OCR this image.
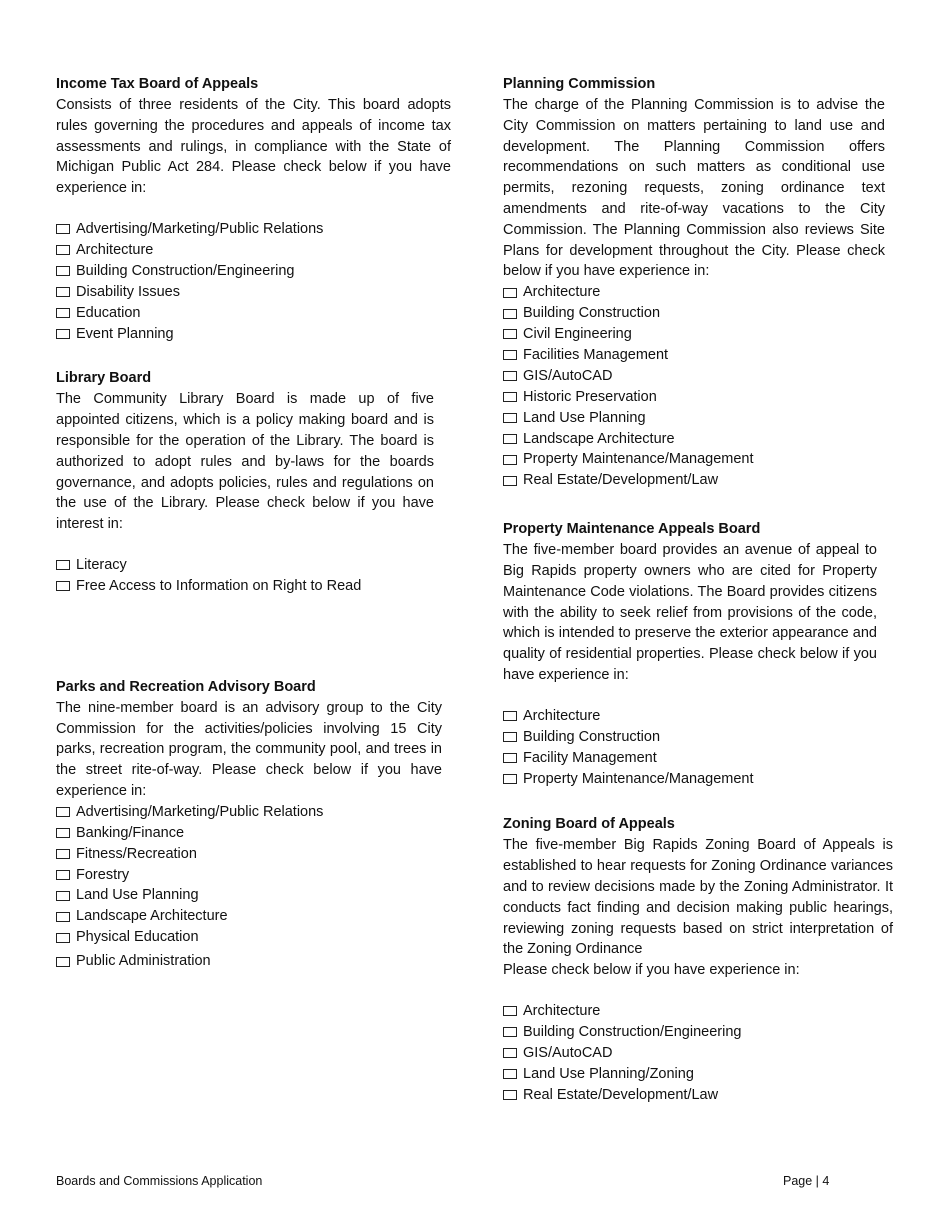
Income Tax Board of Appeals

Consists of three residents of the City. This board adopts rules governing the procedures and appeals of income tax assessments and rulings, in compliance with the State of Michigan Public Act 284. Please check below if you have experience in:

Advertising/Marketing/Public Relations
Architecture
Building Construction/Engineering
Disability Issues
Education
Event Planning

Library Board

The Community Library Board is made up of five appointed citizens, which is a policy making board and is responsible for the operation of the Library. The board is authorized to adopt rules and by-laws for the boards governance, and adopts policies, rules and regulations on the use of the Library. Please check below if you have interest in:

Literacy
Free Access to Information on Right to Read

Parks and Recreation Advisory Board

The nine-member board is an advisory group to the City Commission for the activities/policies involving 15 City parks, recreation program, the community pool, and trees in the street rite-of-way. Please check below if you have experience in:

Advertising/Marketing/Public Relations
Banking/Finance
Fitness/Recreation
Forestry
Land Use Planning
Landscape Architecture
Physical Education
Public Administration

Planning Commission

The charge of the Planning Commission is to advise the City Commission on matters pertaining to land use and development. The Planning Commission offers recommendations on such matters as conditional use permits, rezoning requests, zoning ordinance text amendments and rite-of-way vacations to the City Commission. The Planning Commission also reviews Site Plans for development throughout the City. Please check below if you have experience in:

Architecture
Building Construction
Civil Engineering
Facilities Management
GIS/AutoCAD
Historic Preservation
Land Use Planning
Landscape Architecture
Property Maintenance/Management
Real Estate/Development/Law

Property Maintenance Appeals Board

The five-member board provides an avenue of appeal to Big Rapids property owners who are cited for Property Maintenance Code violations. The Board provides citizens with the ability to seek relief from provisions of the code, which is intended to preserve the exterior appearance and quality of residential properties. Please check below if you have experience in:

Architecture
Building Construction
Facility Management
Property Maintenance/Management

Zoning Board of Appeals

The five-member Big Rapids Zoning Board of Appeals is established to hear requests for Zoning Ordinance variances and to review decisions made by the Zoning Administrator. It conducts fact finding and decision making public hearings, reviewing zoning requests based on strict interpretation of the Zoning Ordinance

Please check below if you have experience in:

Architecture
Building Construction/Engineering
GIS/AutoCAD
Land Use Planning/Zoning
Real Estate/Development/Law
Boards and Commissions Application	Page | 4
